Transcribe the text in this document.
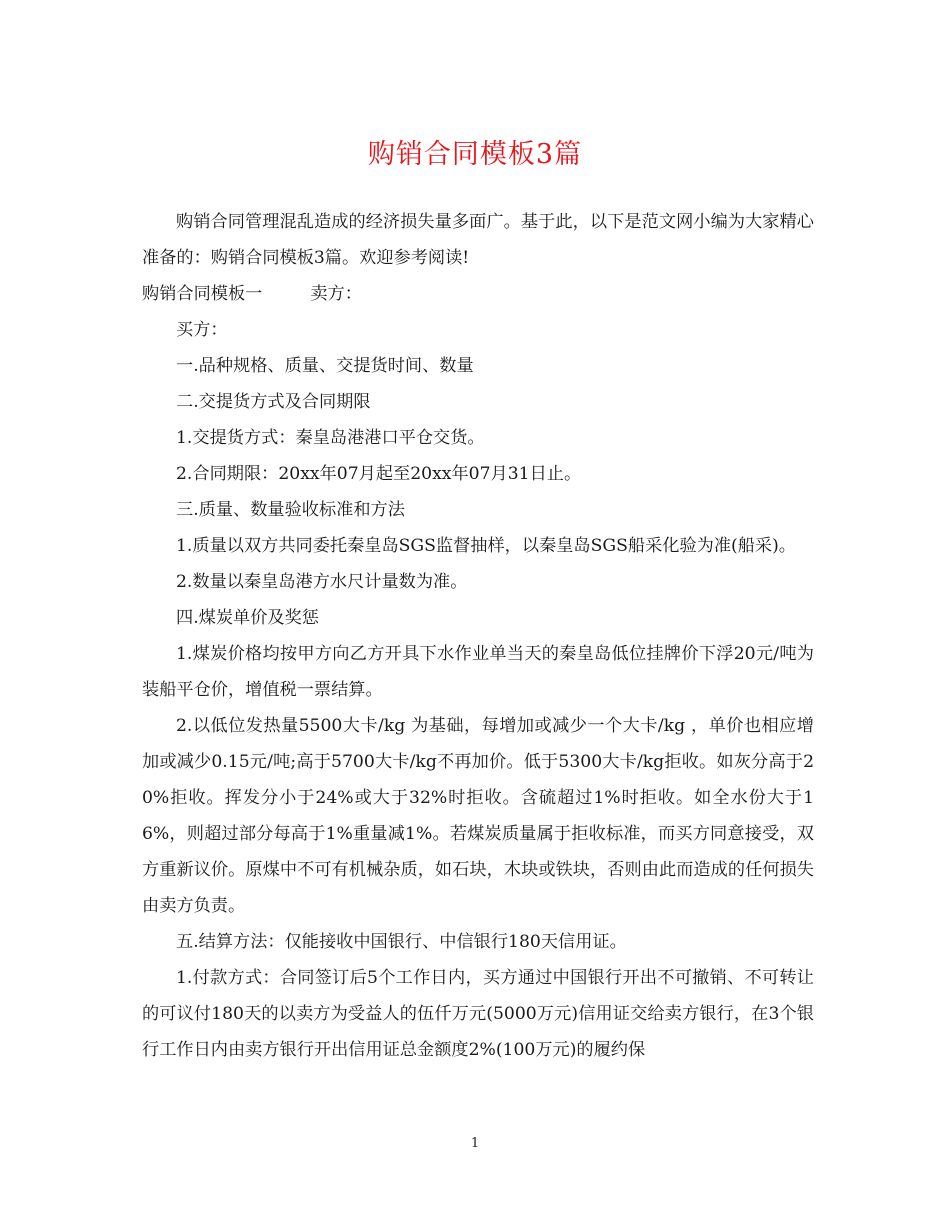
购销合同模板3篇

购销合同管理混乱造成的经济损失量多面广。基于此，以下是范文网小编为大家精心准备的：购销合同模板3篇。欢迎参考阅读!

购销合同模板一	卖方：

买方：

一.品种规格、质量、交提货时间、数量

二.交提货方式及合同期限

1.交提货方式：秦皇岛港港口平仓交货。

2.合同期限：20xx年07月起至20xx年07月31日止。

三.质量、数量验收标准和方法

1.质量以双方共同委托秦皇岛SGS监督抽样，以秦皇岛SGS船采化验为准(船采)。

2.数量以秦皇岛港方水尺计量数为准。

四.煤炭单价及奖惩

1.煤炭价格均按甲方向乙方开具下水作业单当天的秦皇岛低位挂牌价下浮20元/吨为装船平仓价，增值税一票结算。

2.以低位发热量5500大卡/kg 为基础，每增加或减少一个大卡/kg ，单价也相应增加或减少0.15元/吨;高于5700大卡/kg不再加价。低于5300大卡/kg拒收。如灰分高于20%拒收。挥发分小于24%或大于32%时拒收。含硫超过1%时拒收。如全水份大于16%，则超过部分每高于1%重量减1%。若煤炭质量属于拒收标准，而买方同意接受，双方重新议价。原煤中不可有机械杂质，如石块，木块或铁块，否则由此而造成的任何损失由卖方负责。

五.结算方法：仅能接收中国银行、中信银行180天信用证。

1.付款方式：合同签订后5个工作日内，买方通过中国银行开出不可撤销、不可转让的可议付180天的以卖方为受益人的伍仟万元(5000万元)信用证交给卖方银行，在3个银行工作日内由卖方银行开出信用证总金额度2%(100万元)的履约保

1
